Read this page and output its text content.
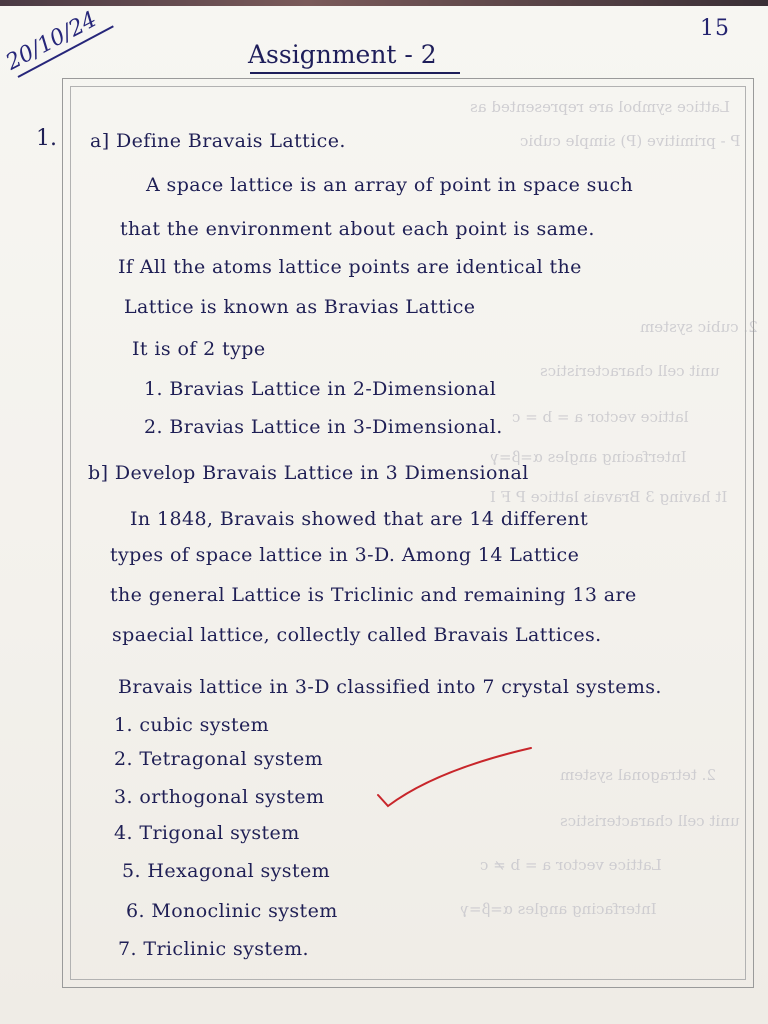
Lattice symbol are represented as
P - primitive (P) simple cubic
2. cubic system
unit cell characteristics
lattice vector a = b = c
Interfacing angles α=β=γ
It having 3 Bravais lattice P F I
2. tetragonal system
unit cell characteristics
Lattice vector a = b ≠ c
Interfacing angles α=β=γ
15
20/10/24	Assignment - 2
1. a] Define Bravais Lattice.
A space lattice is an array of point in space such
that the environment about each point is same.
If All the atoms lattice points are identical the
Lattice is known as Bravias Lattice
It is of 2 type
1. Bravias Lattice in 2-Dimensional
2. Bravias Lattice in 3-Dimensional.
b] Develop Bravais Lattice in 3 Dimensional
In 1848, Bravais showed that are 14 different
types of space lattice in 3-D. Among 14 Lattice
the general Lattice is Triclinic and remaining 13 are
spaecial lattice, collectly called Bravais Lattices.
Bravais lattice in 3-D classified into 7 crystal systems.
1. cubic system
2. Tetragonal system
3. orthogonal system
4. Trigonal system
5. Hexagonal system
6. Monoclinic system
7. Triclinic system.
